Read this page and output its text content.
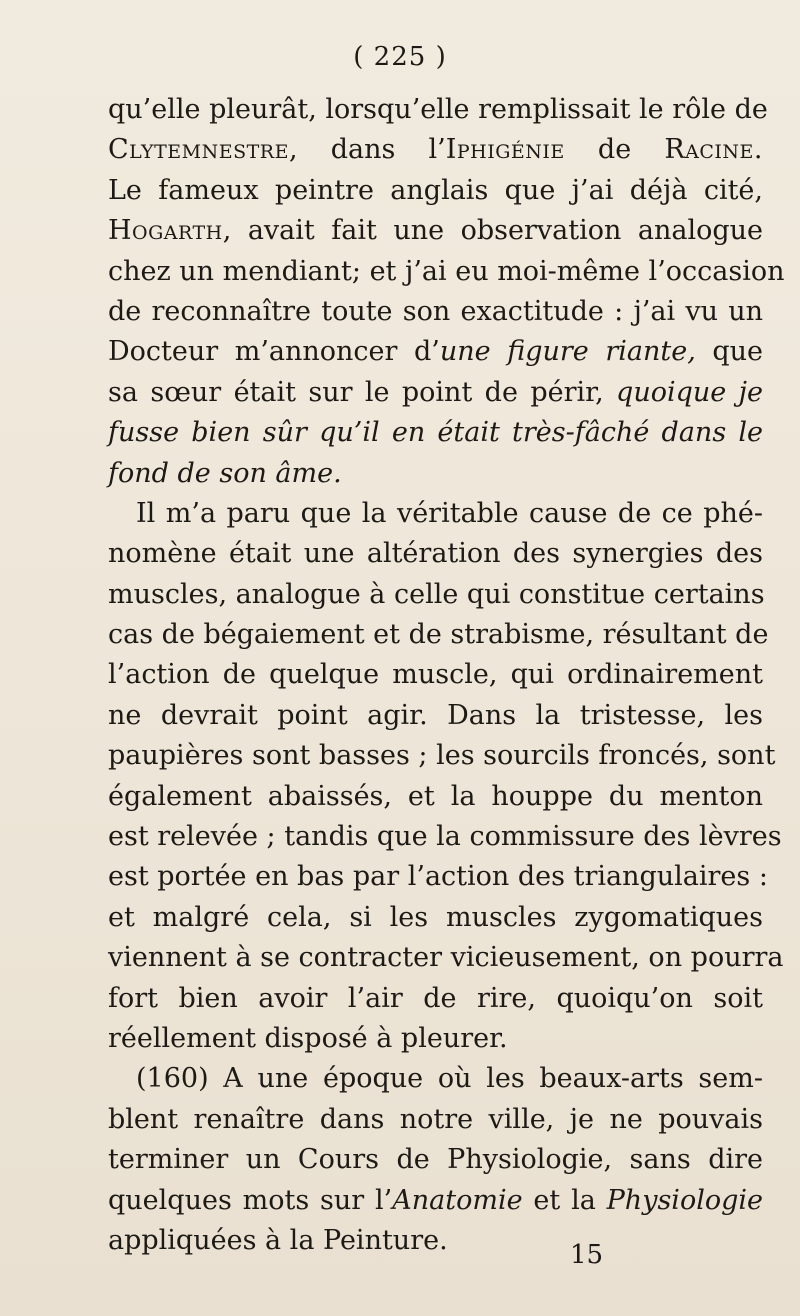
( 225 )
qu’elle pleurât, lorsqu’elle remplissait le rôle de
Clytemnestre, dans l’Iphigénie de Racine.
Le fameux peintre anglais que j’ai déjà cité,
Hogarth, avait fait une observation analogue
chez un mendiant; et j’ai eu moi-même l’occasion
de reconnaître toute son exactitude : j’ai vu un
Docteur m’annoncer d’une figure riante, que
sa sœur était sur le point de périr, quoique je
fusse bien sûr qu’il en était très-fâché dans le
fond de son âme.
Il m’a paru que la véritable cause de ce phé-
nomène était une altération des synergies des
muscles, analogue à celle qui constitue certains
cas de bégaiement et de strabisme, résultant de
l’action de quelque muscle, qui ordinairement
ne devrait point agir. Dans la tristesse, les
paupières sont basses ; les sourcils froncés, sont
également abaissés, et la houppe du menton
est relevée ; tandis que la commissure des lèvres
est portée en bas par l’action des triangulaires :
et malgré cela, si les muscles zygomatiques
viennent à se contracter vicieusement, on pourra
fort bien avoir l’air de rire, quoiqu’on soit
réellement disposé à pleurer.
(160) A une époque où les beaux-arts sem-
blent renaître dans notre ville, je ne pouvais
terminer un Cours de Physiologie, sans dire
quelques mots sur l’Anatomie et la Physiologie
appliquées à la Peinture.	15
